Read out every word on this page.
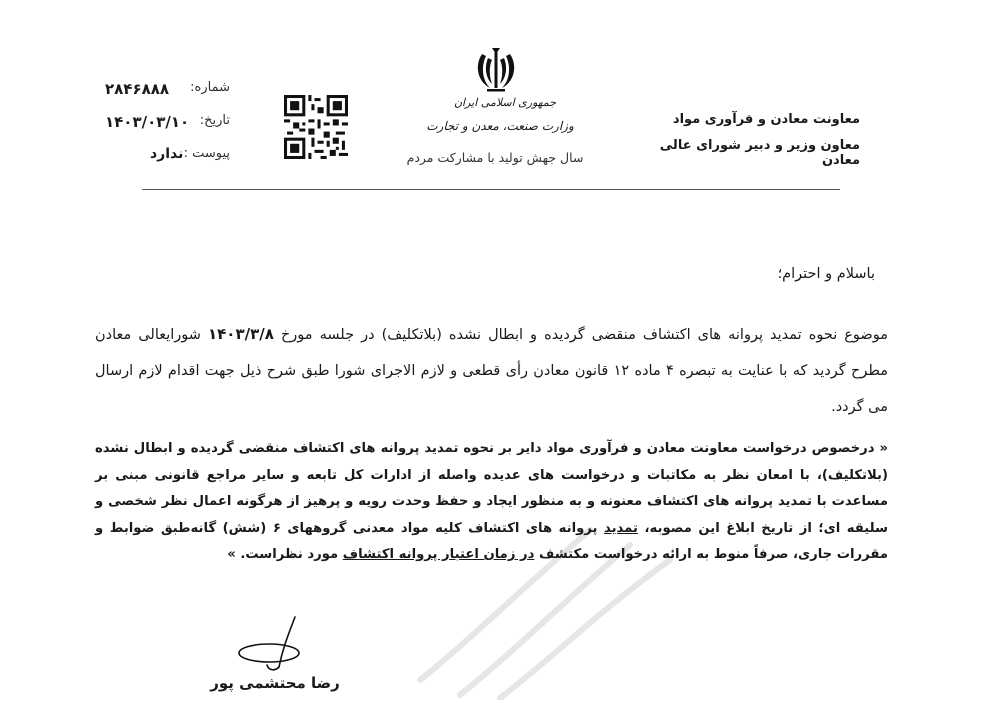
شماره:
۲۸۴۶۸۸۸
تاریخ:
۱۴۰۳/۰۳/۱۰
پیوست :
ندارد
جمهوری اسلامی ایران
وزارت صنعت، معدن و تجارت
سال جهش تولید با مشارکت مردم
معاونت معادن و فرآوری مواد
معاون وزیر و دبیر شورای عالی معادن
باسلام و احترام؛
موضوع نحوه تمدید پروانه های اکتشاف منقضی گردیده و ابطال نشده (بلاتکلیف) در جلسه مورخ ۱۴۰۳/۳/۸ شورایعالی معادن مطرح گردید که با عنایت به تبصره ۴ ماده ۱۲ قانون معادن رأی قطعی و لازم الاجرای شورا طبق شرح ذیل جهت اقدام لازم ارسال می گردد.
« درخصوص درخواست معاونت معادن و فرآوری مواد دایر بر نحوه تمدید پروانه های اکتشاف منقضی گردیده و ابطال نشده (بلاتکلیف)، با امعان نظر به مکاتبات و درخواست های عدیده واصله از ادارات کل تابعه و سایر مراجع قانونی مبنی بر مساعدت با تمدید پروانه های اکتشاف معنونه و به منظور ایجاد و حفظ وحدت رویه و پرهیز از هرگونه اعمال نظر شخصی و سلیقه ای؛ از تاریخ ابلاغ این مصوبه، تمدید پروانه های اکتشاف کلیه مواد معدنی گروههای ۶ (شش) گانه‌طبق ضوابط و مقررات جاری، صرفاً منوط به ارائه درخواست مکتشف در زمان اعتبار پروانه اکتشاف مورد نظراست. »
رضا محتشمی پور
